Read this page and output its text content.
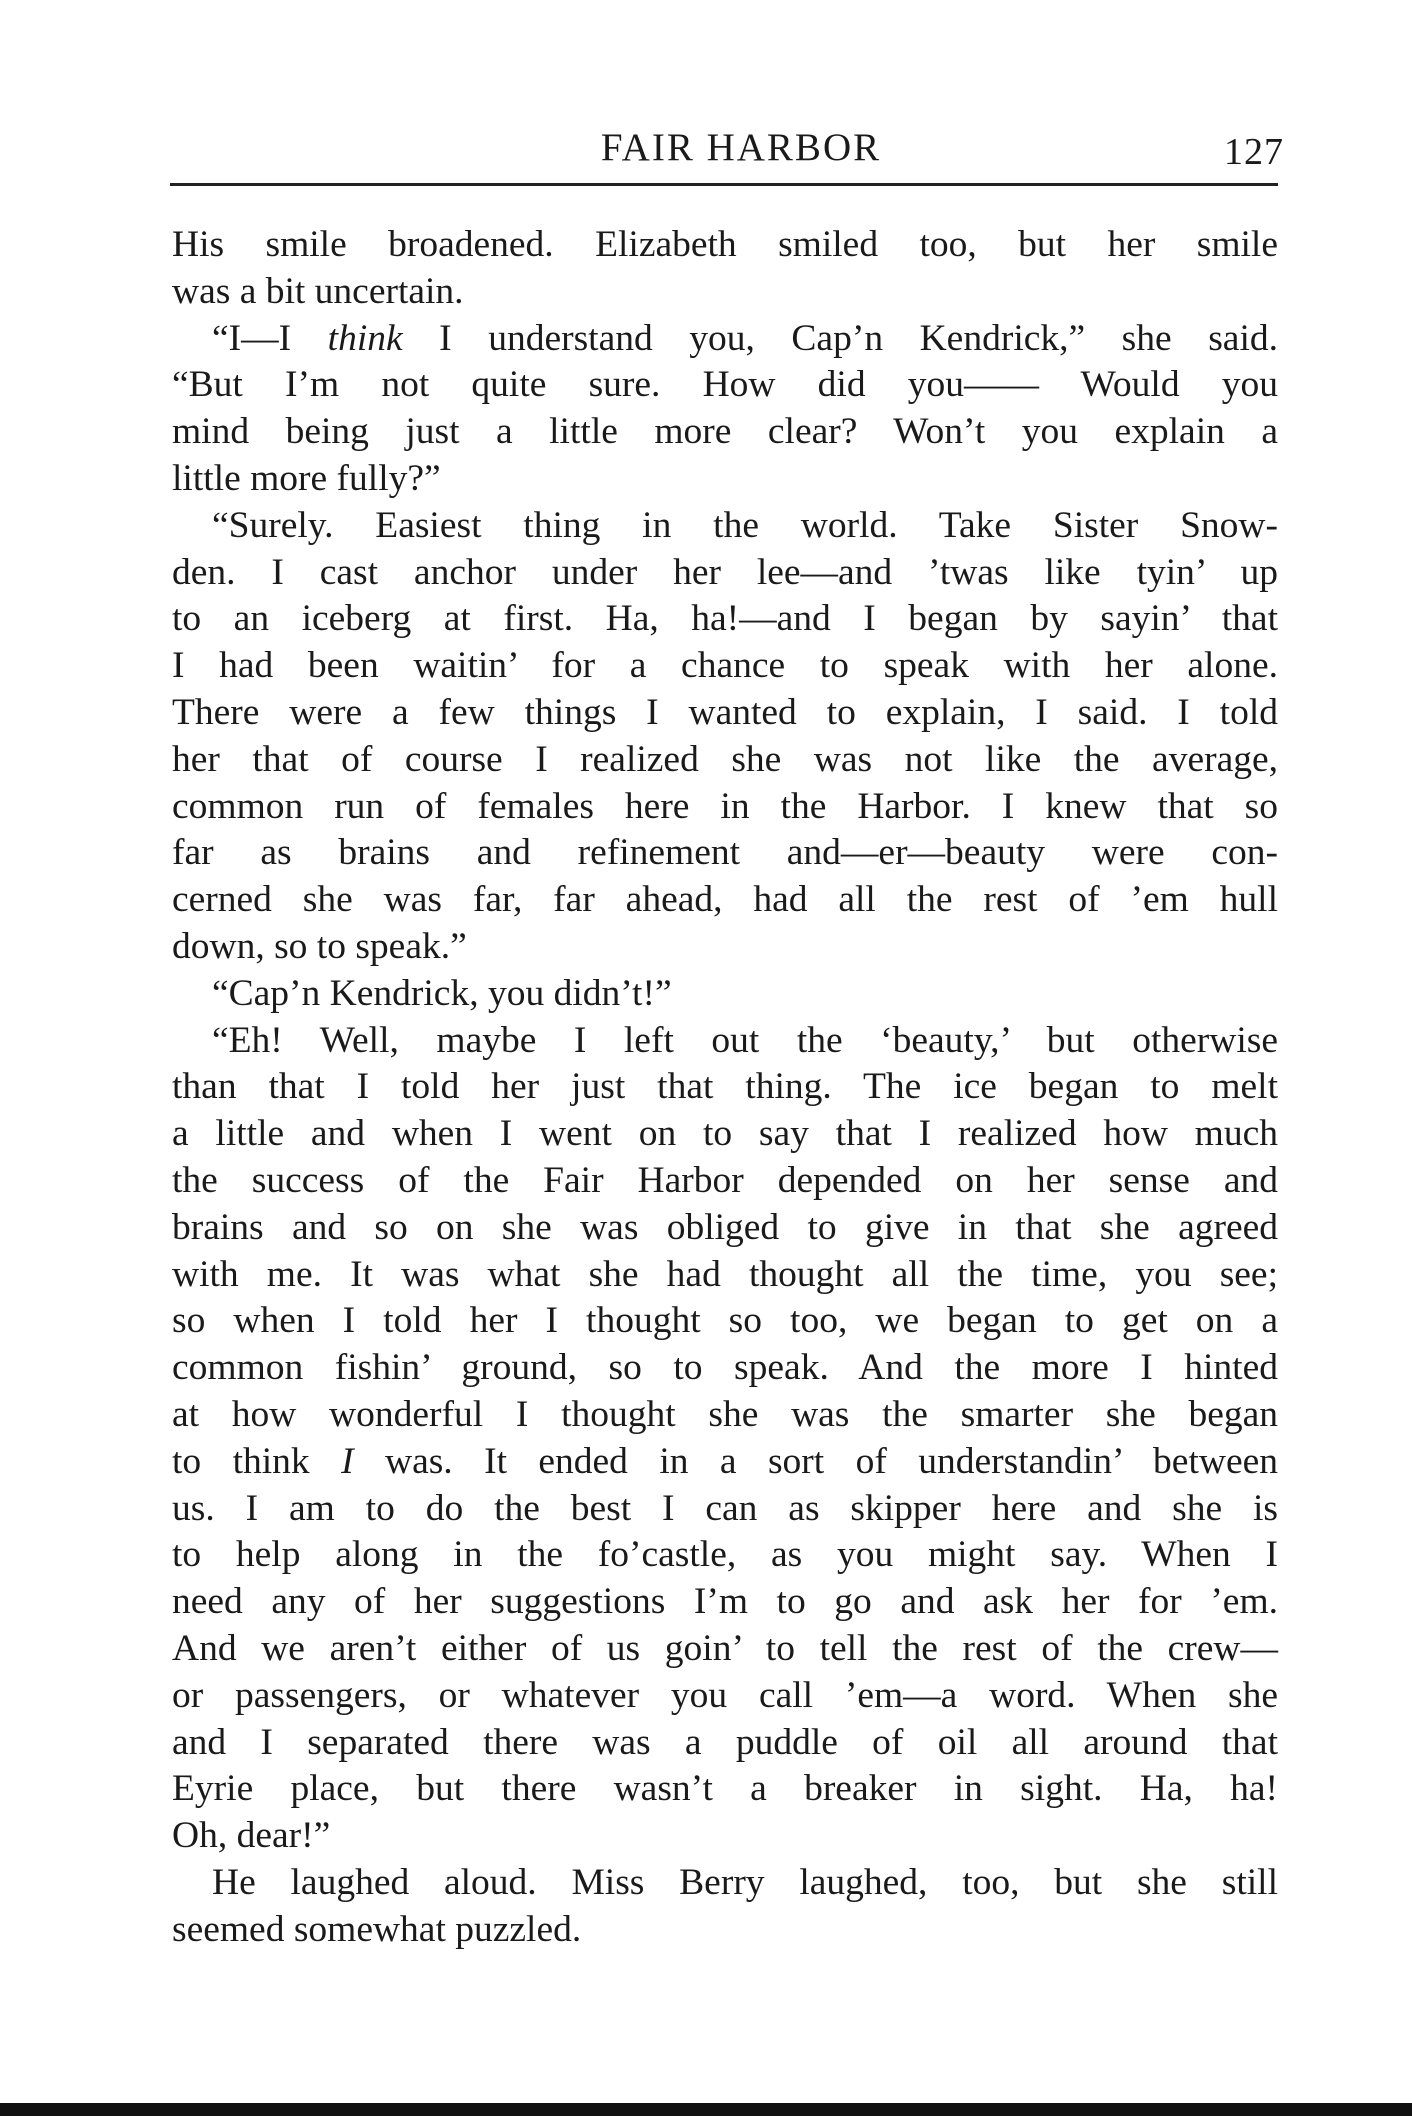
FAIR HARBOR	127
His smile broadened. Elizabeth smiled too, but her smile
was a bit uncertain.
“I—I think I understand you, Cap’n Kendrick,” she said.
“But I’m not quite sure. How did you—— Would you
mind being just a little more clear? Won’t you explain a
little more fully?”
“Surely. Easiest thing in the world. Take Sister Snow-
den. I cast anchor under her lee—and ’twas like tyin’ up
to an iceberg at first. Ha, ha!—and I began by sayin’ that
I had been waitin’ for a chance to speak with her alone.
There were a few things I wanted to explain, I said. I told
her that of course I realized she was not like the average,
common run of females here in the Harbor. I knew that so
far as brains and refinement and—er—beauty were con-
cerned she was far, far ahead, had all the rest of ’em hull
down, so to speak.”
“Cap’n Kendrick, you didn’t!”
“Eh! Well, maybe I left out the ‘beauty,’ but otherwise
than that I told her just that thing. The ice began to melt
a little and when I went on to say that I realized how much
the success of the Fair Harbor depended on her sense and
brains and so on she was obliged to give in that she agreed
with me. It was what she had thought all the time, you see;
so when I told her I thought so too, we began to get on a
common fishin’ ground, so to speak. And the more I hinted
at how wonderful I thought she was the smarter she began
to think I was. It ended in a sort of understandin’ between
us. I am to do the best I can as skipper here and she is
to help along in the fo’castle, as you might say. When I
need any of her suggestions I’m to go and ask her for ’em.
And we aren’t either of us goin’ to tell the rest of the crew—
or passengers, or whatever you call ’em—a word. When she
and I separated there was a puddle of oil all around that
Eyrie place, but there wasn’t a breaker in sight. Ha, ha!
Oh, dear!”
He laughed aloud. Miss Berry laughed, too, but she still
seemed somewhat puzzled.
